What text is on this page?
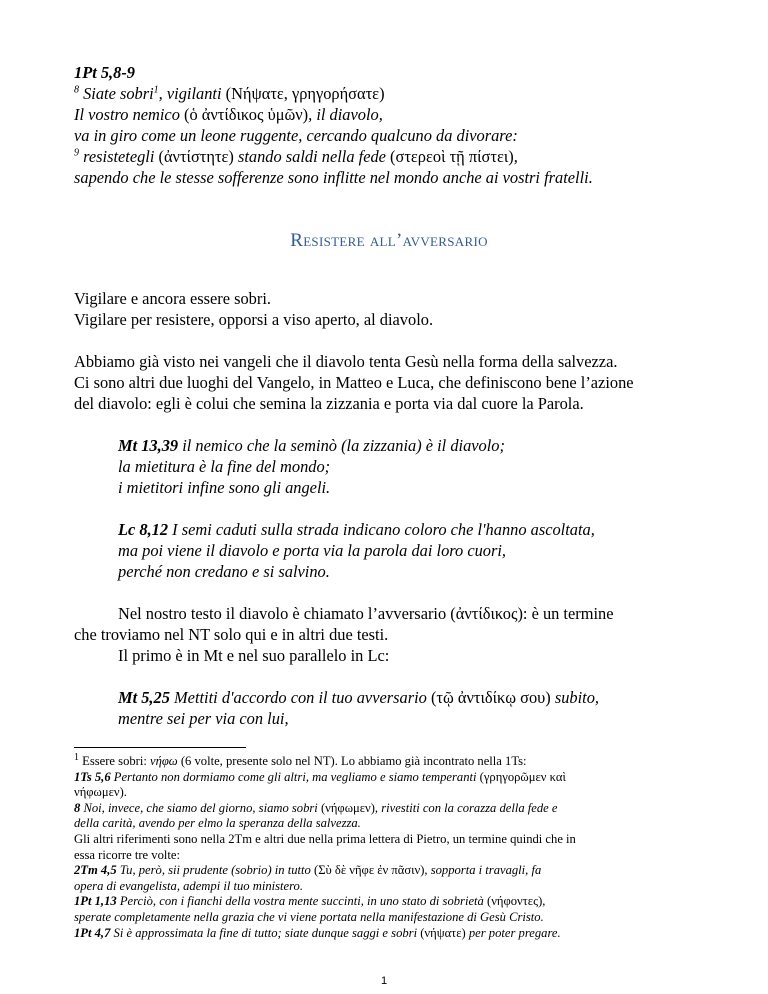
1Pt 5,8-9
$^8$ Siate sobri$^1$, vigilanti (Νήψατε, γρηγορήσατε)
Il vostro nemico (ὁ ἀντίδικος ὑμῶν), il diavolo,
va in giro come un leone ruggente, cercando qualcuno da divorare:
$^9$ resistetegli (ἀντίστητε) stando saldi nella fede (στερεοὶ τῇ πίστει),
sapendo che le stesse sofferenze sono inflitte nel mondo anche ai vostri fratelli.
Resistere all’avversario
Vigilare e ancora essere sobri.
Vigilare per resistere, opporsi a viso aperto, al diavolo.
Abbiamo già visto nei vangeli che il diavolo tenta Gesù nella forma della salvezza.
Ci sono altri due luoghi del Vangelo, in Matteo e Luca, che definiscono bene l’azione
del diavolo: egli è colui che semina la zizzania e porta via dal cuore la Parola.
Mt 13,39 il nemico che la seminò (la zizzania) è il diavolo;
la mietitura è la fine del mondo;
i mietitori infine sono gli angeli.
Lc 8,12 I semi caduti sulla strada indicano coloro che l'hanno ascoltata,
ma poi viene il diavolo e porta via la parola dai loro cuori,
perché non credano e si salvino.
Nel nostro testo il diavolo è chiamato l’avversario (ἀντίδικος): è un termine
che troviamo nel NT solo qui e in altri due testi.
Il primo è in Mt e nel suo parallelo in Lc:
Mt 5,25 Mettiti d'accordo con il tuo avversario (τῷ ἀντιδίκῳ σου) subito,
mentre sei per via con lui,
$^1$ Essere sobri: νήφω (6 volte, presente solo nel NT). Lo abbiamo già incontrato nella 1Ts:
1Ts 5,6 Pertanto non dormiamo come gli altri, ma vegliamo e siamo temperanti (γρηγορῶμεν καὶ
νήφωμεν).
8 Noi, invece, che siamo del giorno, siamo sobri (νήφωμεν), rivestiti con la corazza della fede e
della carità, avendo per elmo la speranza della salvezza.
Gli altri riferimenti sono nella 2Tm e altri due nella prima lettera di Pietro, un termine quindi che in
essa ricorre tre volte:
2Tm 4,5 Tu, però, sii prudente (sobrio) in tutto (Σὺ δὲ νῆφε ἐν πᾶσιν), sopporta i travagli, fa
opera di evangelista, adempi il tuo ministero.
1Pt 1,13 Perciò, con i fianchi della vostra mente succinti, in uno stato di sobrietà (νήφοντες),
sperate completamente nella grazia che vi viene portata nella manifestazione di Gesù Cristo.
1Pt 4,7 Si è approssimata la fine di tutto; siate dunque saggi e sobri (νήψατε) per poter pregare.
1
